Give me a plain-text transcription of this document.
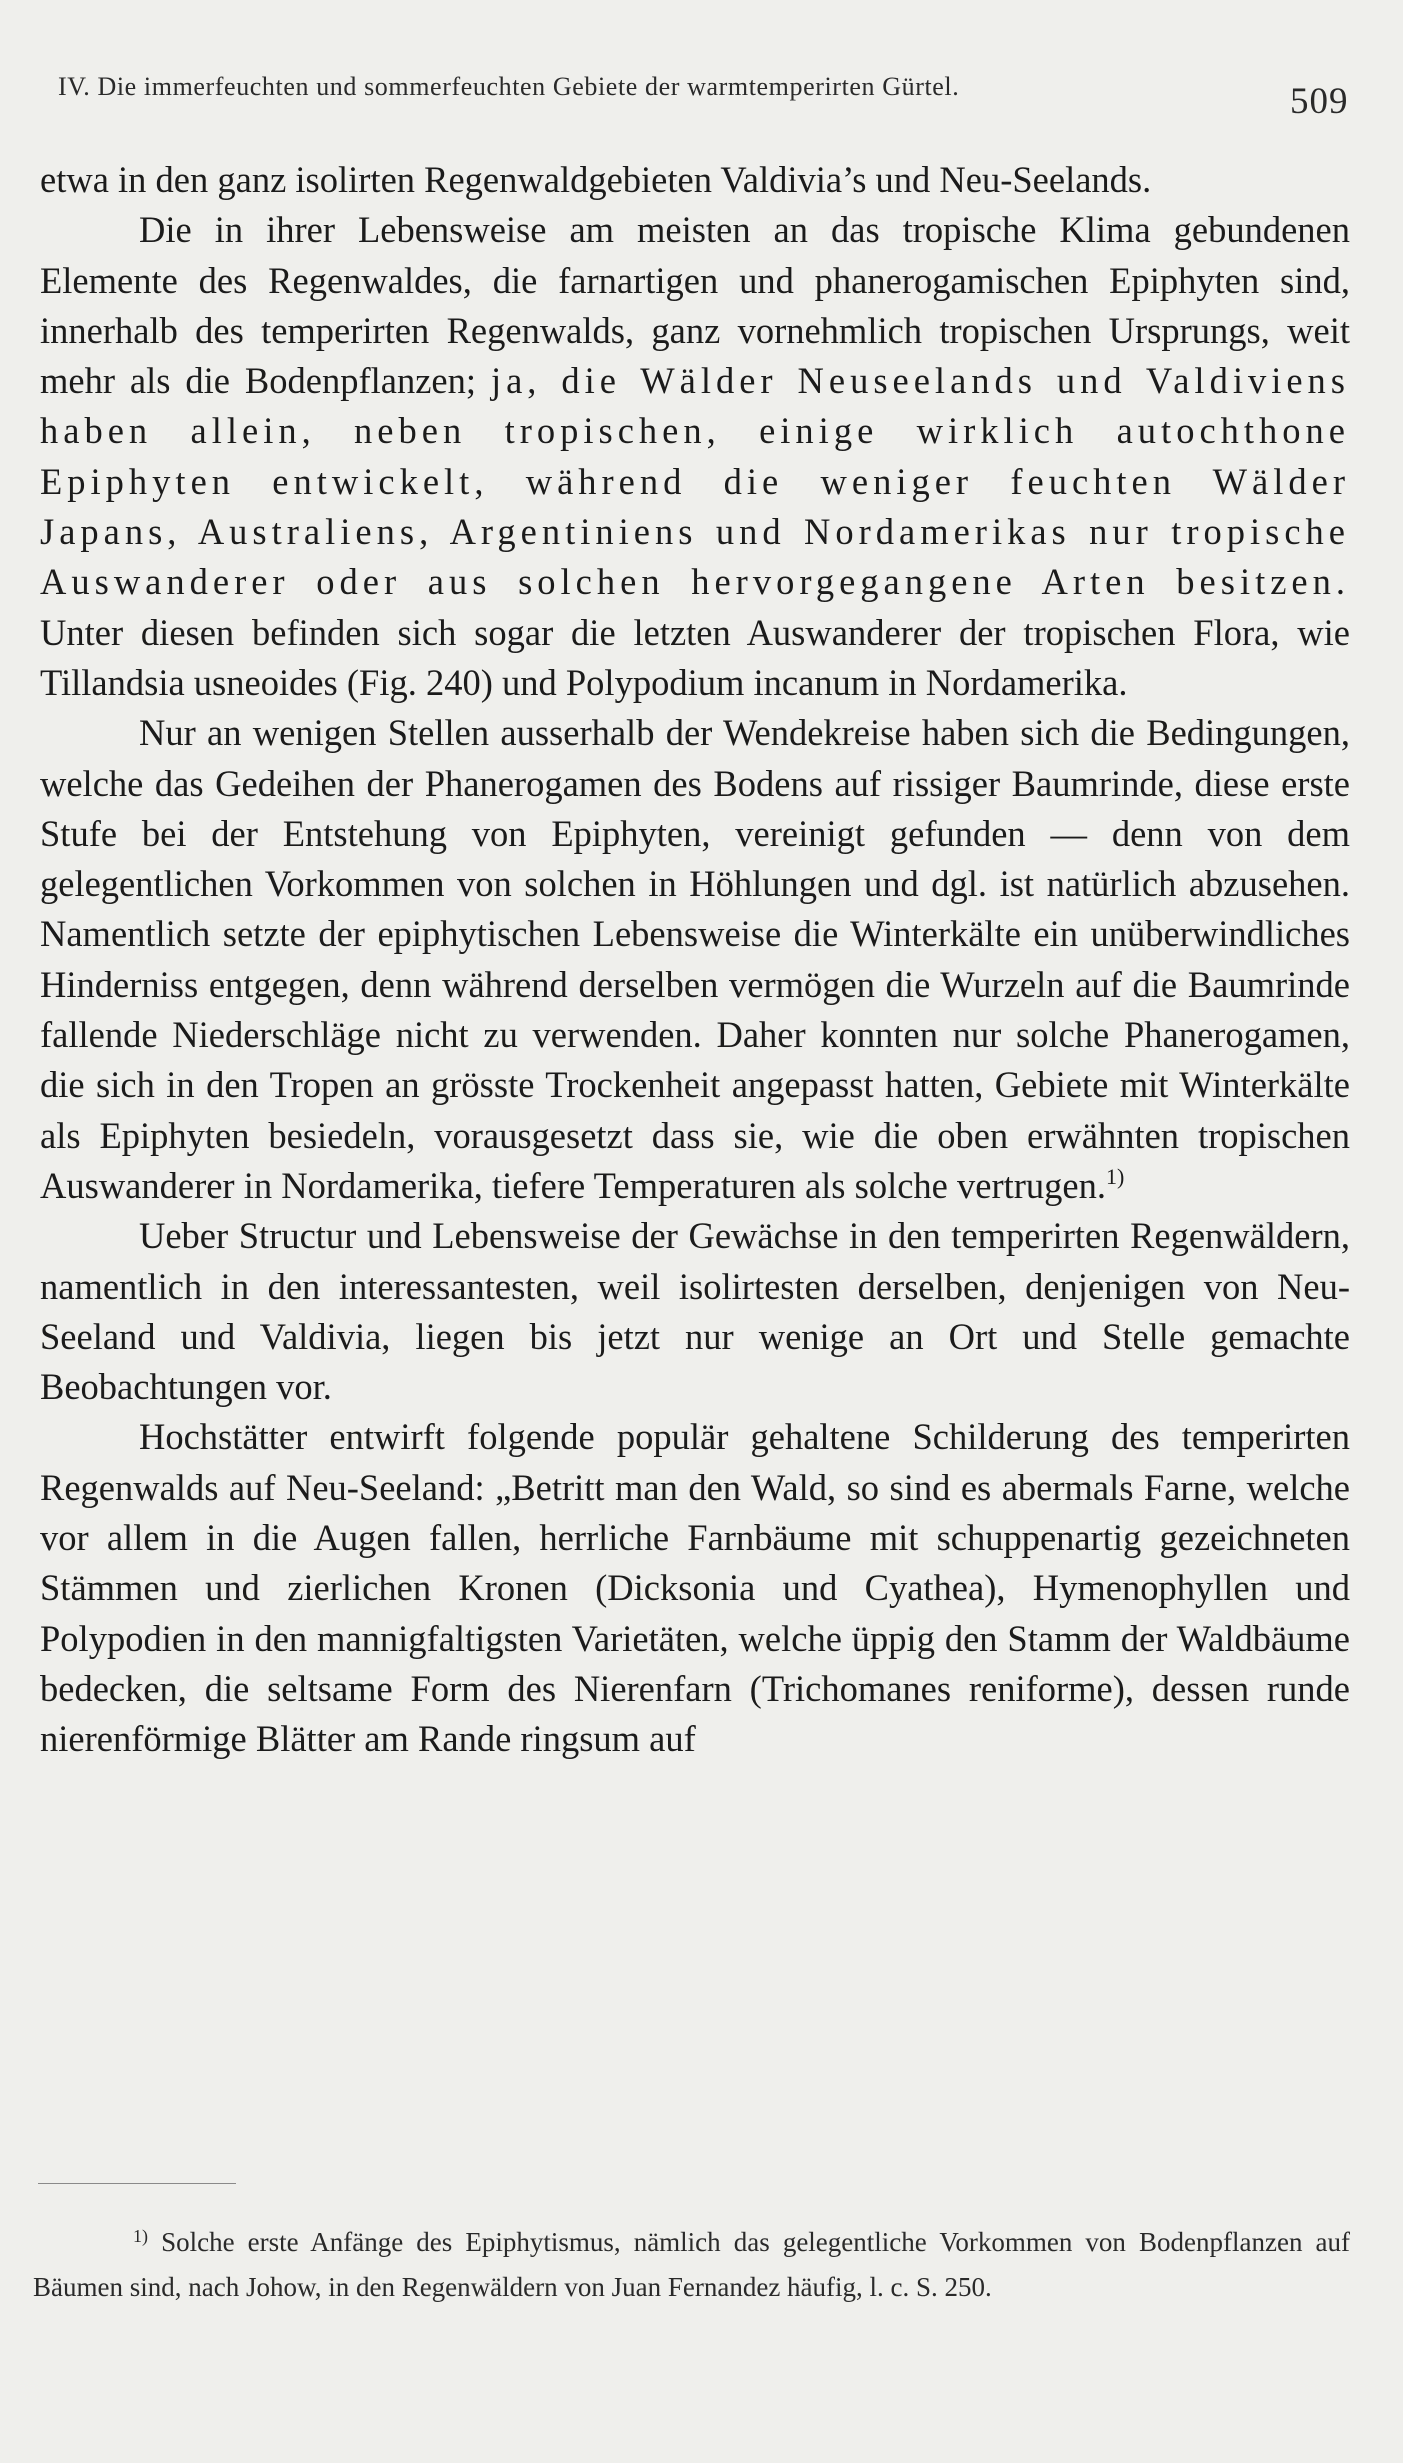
IV. Die immerfeuchten und sommerfeuchten Gebiete der warmtemperirten Gürtel.	509

etwa in den ganz isolirten Regenwaldgebieten Valdivia’s und Neu-Seelands.

Die in ihrer Lebensweise am meisten an das tropische Klima gebundenen Elemente des Regenwaldes, die farnartigen und phanerogamischen Epiphyten sind, innerhalb des temperirten Regenwalds, ganz vornehmlich tropischen Ursprungs, weit mehr als die Bodenpflanzen; ja, die Wälder Neuseelands und Valdiviens haben allein, neben tropischen, einige wirklich autochthone Epiphyten entwickelt, während die weniger feuchten Wälder Japans, Australiens, Argentiniens und Nordamerikas nur tropische Auswanderer oder aus solchen hervorgegangene Arten besitzen. Unter diesen befinden sich sogar die letzten Auswanderer der tropischen Flora, wie Tillandsia usneoides (Fig. 240) und Polypodium incanum in Nordamerika.

Nur an wenigen Stellen ausserhalb der Wendekreise haben sich die Bedingungen, welche das Gedeihen der Phanerogamen des Bodens auf rissiger Baumrinde, diese erste Stufe bei der Entstehung von Epiphyten, vereinigt gefunden — denn von dem gelegentlichen Vorkommen von solchen in Höhlungen und dgl. ist natürlich abzusehen. Namentlich setzte der epiphytischen Lebensweise die Winterkälte ein unüberwindliches Hinderniss entgegen, denn während derselben vermögen die Wurzeln auf die Baumrinde fallende Niederschläge nicht zu verwenden. Daher konnten nur solche Phanerogamen, die sich in den Tropen an grösste Trockenheit angepasst hatten, Gebiete mit Winterkälte als Epiphyten besiedeln, vorausgesetzt dass sie, wie die oben erwähnten tropischen Auswanderer in Nordamerika, tiefere Temperaturen als solche vertrugen.$^{1)}$

Ueber Structur und Lebensweise der Gewächse in den temperirten Regenwäldern, namentlich in den interessantesten, weil isolirtesten derselben, denjenigen von Neu-Seeland und Valdivia, liegen bis jetzt nur wenige an Ort und Stelle gemachte Beobachtungen vor.

Hochstätter entwirft folgende populär gehaltene Schilderung des temperirten Regenwalds auf Neu-Seeland: „Betritt man den Wald, so sind es abermals Farne, welche vor allem in die Augen fallen, herrliche Farnbäume mit schuppenartig gezeichneten Stämmen und zierlichen Kronen (Dicksonia und Cyathea), Hymenophyllen und Polypodien in den mannigfaltigsten Varietäten, welche üppig den Stamm der Waldbäume bedecken, die seltsame Form des Nierenfarn (Trichomanes reniforme), dessen runde nierenförmige Blätter am Rande ringsum auf

$^{1)}$ Solche erste Anfänge des Epiphytismus, nämlich das gelegentliche Vorkommen von Bodenpflanzen auf Bäumen sind, nach Johow, in den Regenwäldern von Juan Fernandez häufig, l. c. S. 250.
